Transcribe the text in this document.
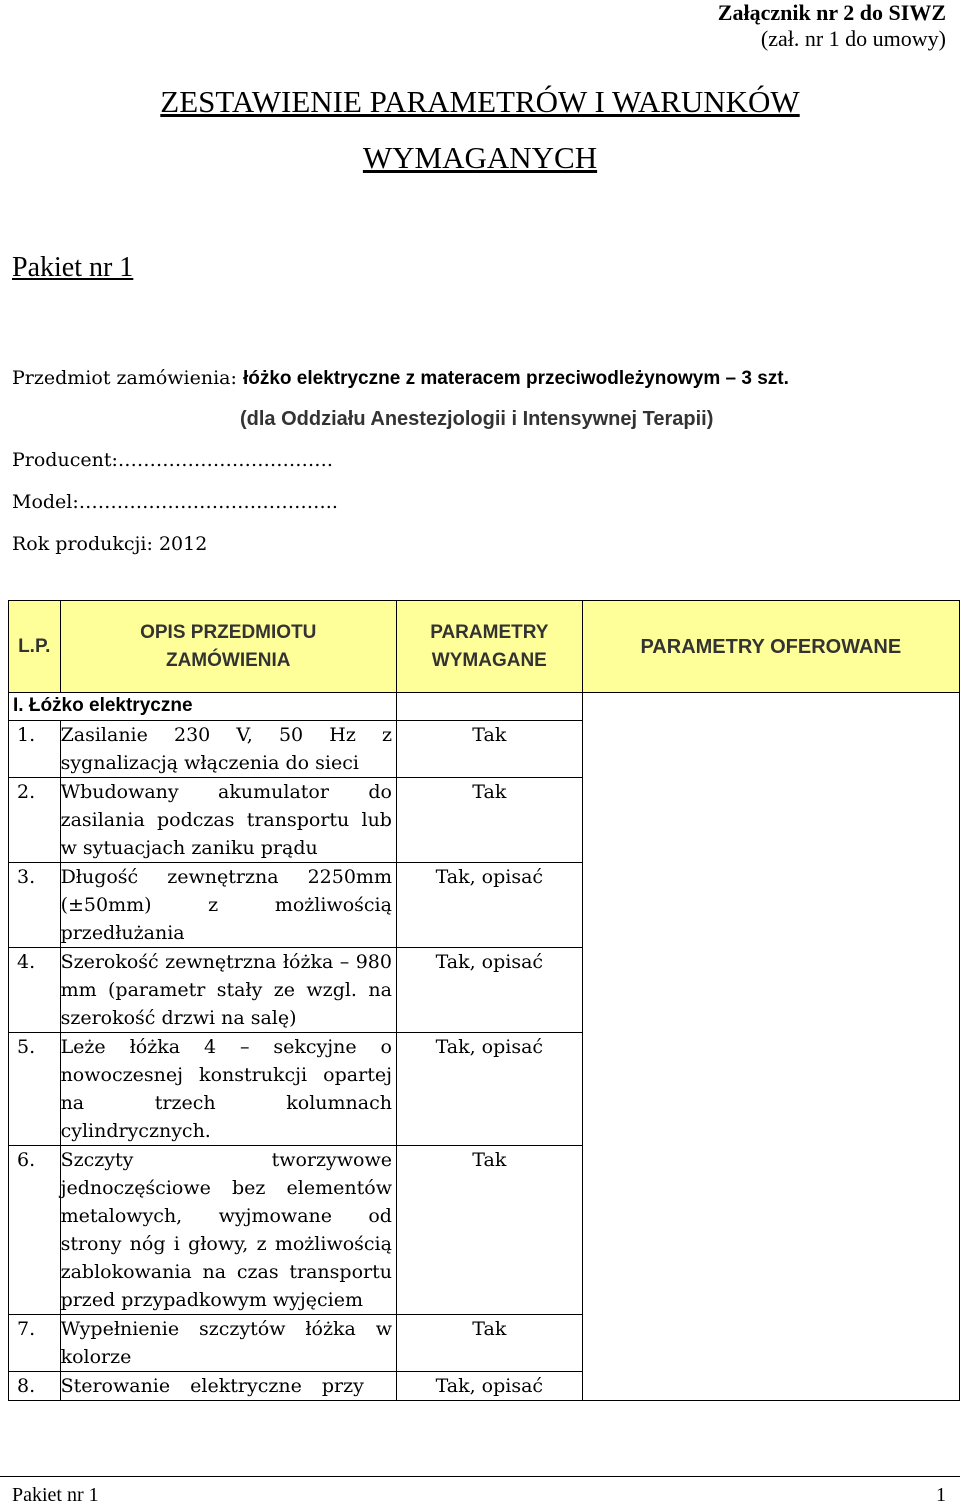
Załącznik nr 2 do SIWZ
(zał. nr 1 do umowy)
ZESTAWIENIE PARAMETRÓW I WARUNKÓW
WYMAGANYCH
Pakiet nr 1
Przedmiot zamówienia: łóżko elektryczne z materacem przeciwodleżynowym – 3 szt.
(dla Oddziału Anestezjologii i Intensywnej Terapii)
Producent:…………………………….
Model:…………………………………..
Rok produkcji: 2012
L.P.	OPIS PRZEDMIOTU ZAMÓWIENIA	PARAMETRY WYMAGANE	PARAMETRY OFEROWANE

I. Łóżko elektryczne			

1.	Zasilanie 230 V, 50 Hz z sygnalizacją włączenia do sieci	Tak	
2.	Wbudowany akumulator do zasilania podczas transportu lub w sytuacjach zaniku prądu	Tak	
3.	Długość zewnętrzna 2250mm (±50mm) z możliwością przedłużania	Tak, opisać	
4.	Szerokość zewnętrzna łóżka – 980 mm (parametr stały ze wzgl. na szerokość drzwi na salę)	Tak, opisać	
5.	Leże łóżka 4 – sekcyjne o nowoczesnej konstrukcji opartej na trzech kolumnach cylindrycznych.	Tak, opisać	
6.	Szczyty tworzywowe jednoczęściowe bez elementów metalowych, wyjmowane od strony nóg i głowy, z możliwością zablokowania na czas transportu przed przypadkowym wyjęciem	Tak	
7.	Wypełnienie szczytów łóżka w kolorze	Tak	
8.	Sterowanie elektryczne przy	Tak, opisać	
Pakiet nr 1	1
